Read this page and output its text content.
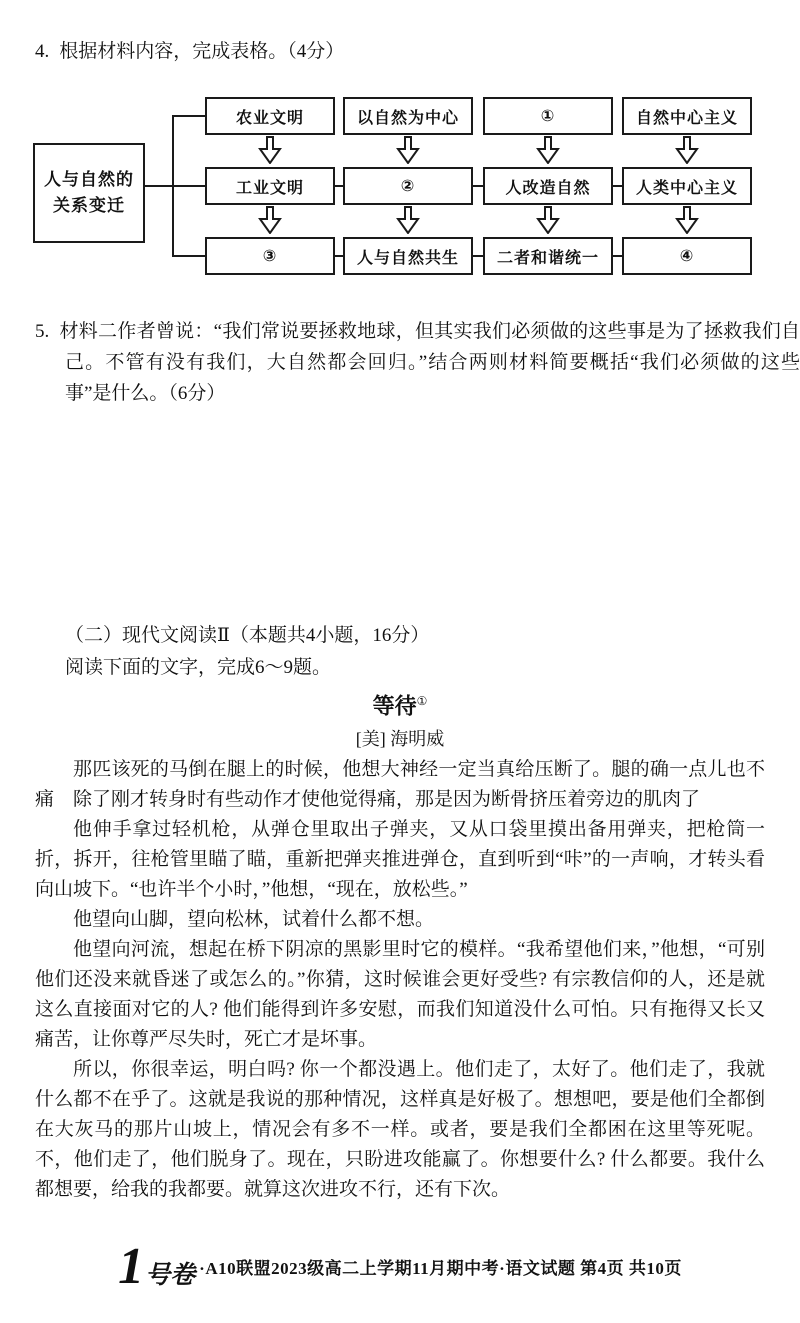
4. 根据材料内容，完成表格。（4分）
人与自然的
关系变迁
农业文明	以自然为中心	①	自然中心主义
工业文明	②	人改造自然	人类中心主义
③	人与自然共生	二者和谐统一	④
5. 材料二作者曾说：“我们常说要拯救地球，但其实我们必须做的这些事是为了拯救我们自己。不管有没有我们，大自然都会回归。”结合两则材料简要概括“我们必须做的这些事”是什么。（6分）
（二）现代文阅读Ⅱ（本题共4小题，16分）
阅读下面的文字，完成6～9题。
等待①
[美] 海明威

那匹该死的马倒在腿上的时候，他想大神经一定当真给压断了。腿的确一点儿也不痛　除了刚才转身时有些动作才使他觉得痛，那是因为断骨挤压着旁边的肌肉了

他伸手拿过轻机枪，从弹仓里取出子弹夹，又从口袋里摸出备用弹夹，把枪筒一折，拆开，往枪管里瞄了瞄，重新把弹夹推进弹仓，直到听到“咔”的一声响，才转头看向山坡下。“也许半个小时，”他想，“现在，放松些。”

他望向山脚，望向松林，试着什么都不想。

他望向河流，想起在桥下阴凉的黑影里时它的模样。“我希望他们来，”他想，“可别他们还没来就昏迷了或怎么的。”你猜，这时候谁会更好受些? 有宗教信仰的人，还是就这么直接面对它的人? 他们能得到许多安慰，而我们知道没什么可怕。只有拖得又长又痛苦，让你尊严尽失时，死亡才是坏事。

所以，你很幸运，明白吗? 你一个都没遇上。他们走了，太好了。他们走了，我就什么都不在乎了。这就是我说的那种情况，这样真是好极了。想想吧，要是他们全都倒在大灰马的那片山坡上，情况会有多不一样。或者，要是我们全都困在这里等死呢。不，他们走了，他们脱身了。现在，只盼进攻能赢了。你想要什么? 什么都要。我什么都想要，给我的我都要。就算这次进攻不行，还有下次。

1 号卷 ·A10联盟2023级高二上学期11月期中考·语文试题 第4页 共10页
